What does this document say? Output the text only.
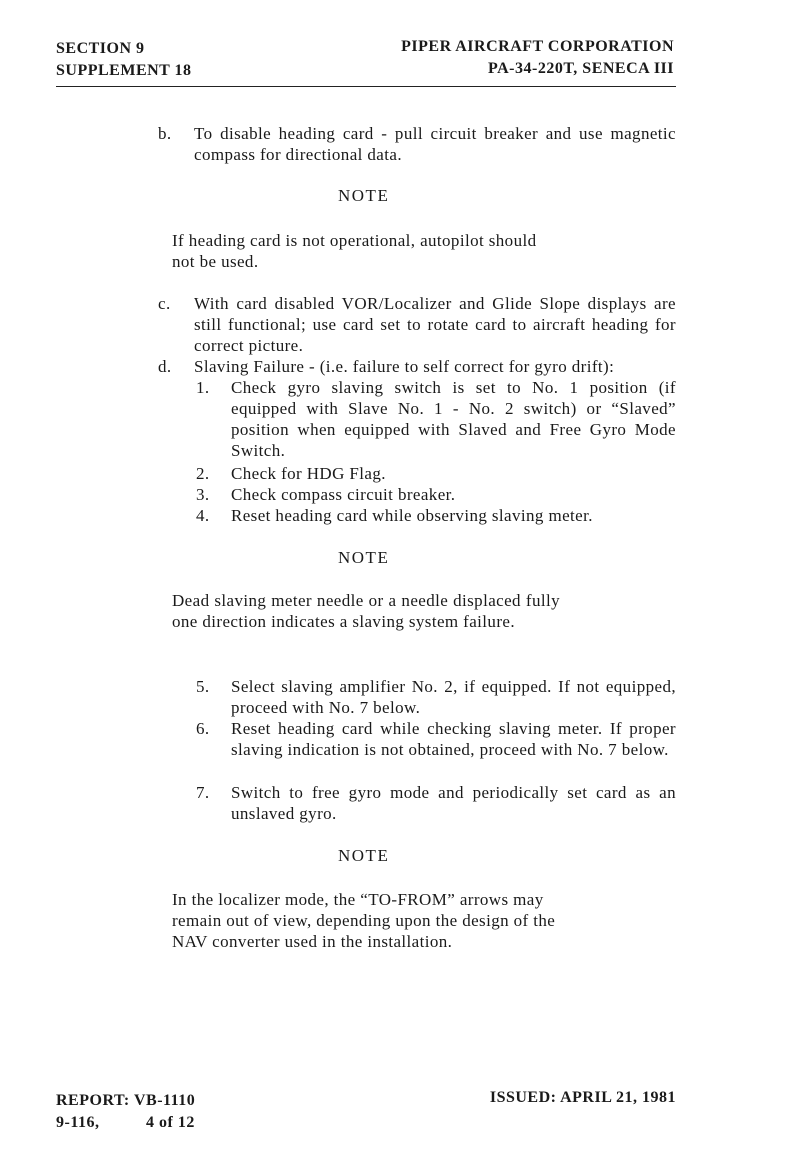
SECTION 9
SUPPLEMENT 18
PIPER AIRCRAFT CORPORATION
PA-34-220T, SENECA III
b. To disable heading card - pull circuit breaker and use magnetic compass for directional data.
NOTE
If heading card is not operational, autopilot should not be used.
c. With card disabled VOR/Localizer and Glide Slope displays are still functional; use card set to rotate card to aircraft heading for correct picture.
d. Slaving Failure - (i.e. failure to self correct for gyro drift):
1. Check gyro slaving switch is set to No. 1 position (if equipped with Slave No. 1 - No. 2 switch) or “Slaved” position when equipped with Slaved and Free Gyro Mode Switch.
2. Check for HDG Flag.
3. Check compass circuit breaker.
4. Reset heading card while observing slaving meter.
NOTE
Dead slaving meter needle or a needle displaced fully one direction indicates a slaving system failure.
5. Select slaving amplifier No. 2, if equipped. If not equipped, proceed with No. 7 below.
6. Reset heading card while checking slaving meter. If proper slaving indication is not obtained, proceed with No. 7 below.
7. Switch to free gyro mode and periodically set card as an unslaved gyro.
NOTE
In the localizer mode, the “TO-FROM” arrows may remain out of view, depending upon the design of the NAV converter used in the installation.
REPORT: VB-1110
9-116,	4 of 12
ISSUED: APRIL 21, 1981
